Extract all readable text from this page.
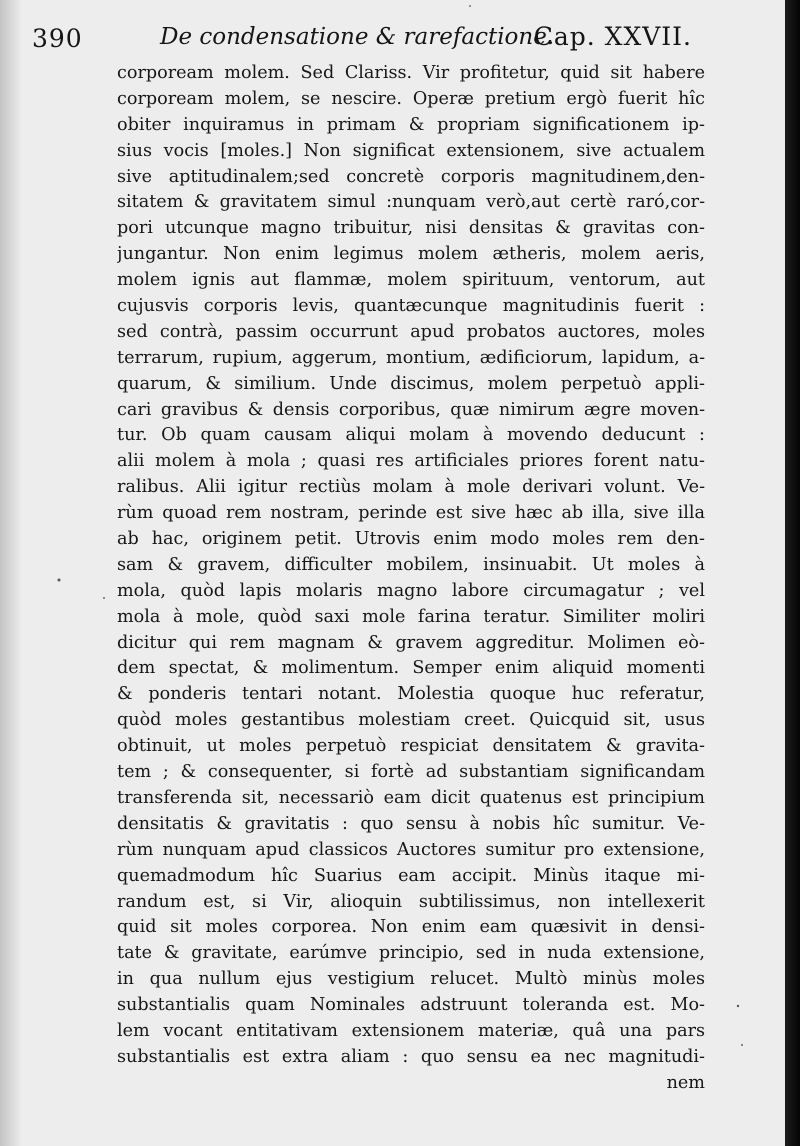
390	De condensatione & rarefactione.
Cap. XXVII.
corpoream molem. Sed Clariss. Vir profitetur, quid sit habere
corpoream molem, se nescire. Operæ pretium ergò fuerit hîc
obiter inquiramus in primam & propriam significationem ip-
sius vocis [moles.] Non significat extensionem, sive actualem
sive aptitudinalem;sed concretè corporis magnitudinem,den-
sitatem & gravitatem simul :nunquam verò,aut certè raró,cor-
pori utcunque magno tribuitur, nisi densitas & gravitas con-
jungantur. Non enim legimus molem ætheris, molem aeris,
molem ignis aut flammæ, molem spirituum, ventorum, aut
cujusvis corporis levis, quantæcunque magnitudinis fuerit :
sed contrà, passim occurrunt apud probatos auctores, moles
terrarum, rupium, aggerum, montium, ædificiorum, lapidum, a-
quarum, & similium. Unde discimus, molem perpetuò appli-
cari gravibus & densis corporibus, quæ nimirum ægre moven-
tur. Ob quam causam aliqui molam à movendo deducunt :
alii molem à mola ; quasi res artificiales priores forent natu-
ralibus. Alii igitur rectiùs molam à mole derivari volunt. Ve-
rùm quoad rem nostram, perinde est sive hæc ab illa, sive illa
ab hac, originem petit. Utrovis enim modo moles rem den-
sam & gravem, difficulter mobilem, insinuabit. Ut moles à
mola, quòd lapis molaris magno labore circumagatur ; vel
mola à mole, quòd saxi mole farina teratur. Similiter moliri
dicitur qui rem magnam & gravem aggreditur. Molimen eò-
dem spectat, & molimentum. Semper enim aliquid momenti
& ponderis tentari notant. Molestia quoque huc referatur,
quòd moles gestantibus molestiam creet. Quicquid sit, usus
obtinuit, ut moles perpetuò respiciat densitatem & gravita-
tem ; & consequenter, si fortè ad substantiam significandam
transferenda sit, necessariò eam dicit quatenus est principium
densitatis & gravitatis : quo sensu à nobis hîc sumitur. Ve-
rùm nunquam apud classicos Auctores sumitur pro extensione,
quemadmodum hîc Suarius eam accipit. Minùs itaque mi-
randum est, si Vir, alioquin subtilissimus, non intellexerit
quid sit moles corporea. Non enim eam quæsivit in densi-
tate & gravitate, earúmve principio, sed in nuda extensione,
in qua nullum ejus vestigium relucet. Multò minùs moles
substantialis quam Nominales adstruunt toleranda est. Mo-
lem vocant entitativam extensionem materiæ, quâ una pars
substantialis est extra aliam : quo sensu ea nec magnitudi-
nem
